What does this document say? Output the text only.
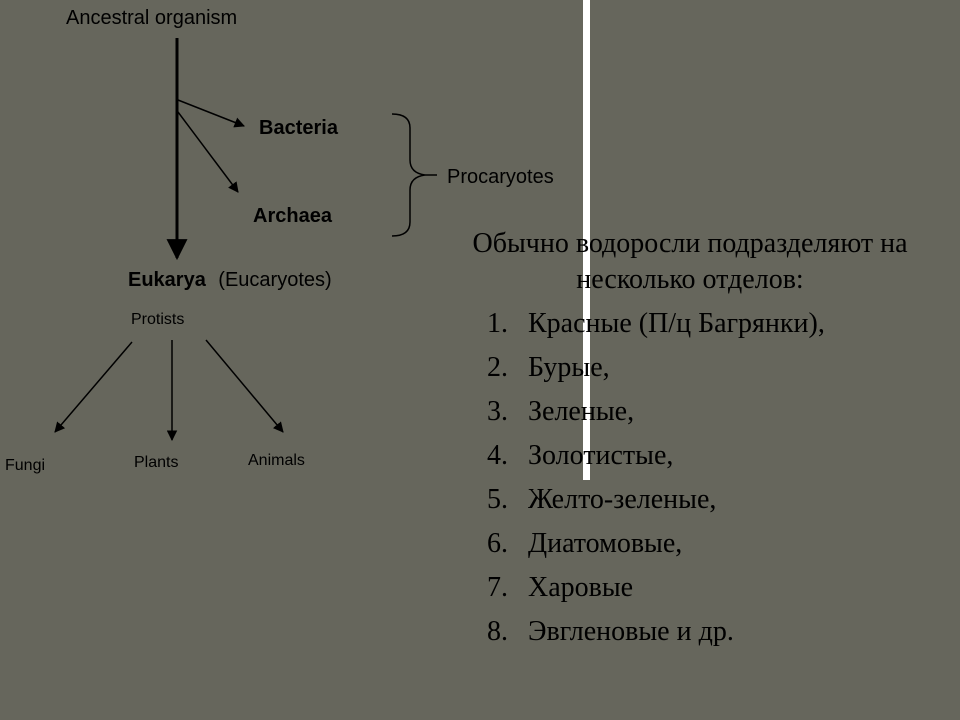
Ancestral organism
Bacteria
Archaea
Procaryotes
Eukarya (Eucaryotes)
Protists
Fungi	Plants	Animals

Обычно водоросли подразделяют на несколько отделов:

1. Красные (П/ц Багрянки),
2. Бурые,
3. Зеленые,
4. Золотистые,
5. Желто-зеленые,
6. Диатомовые,
7. Харовые
8. Эвгленовые и др.
